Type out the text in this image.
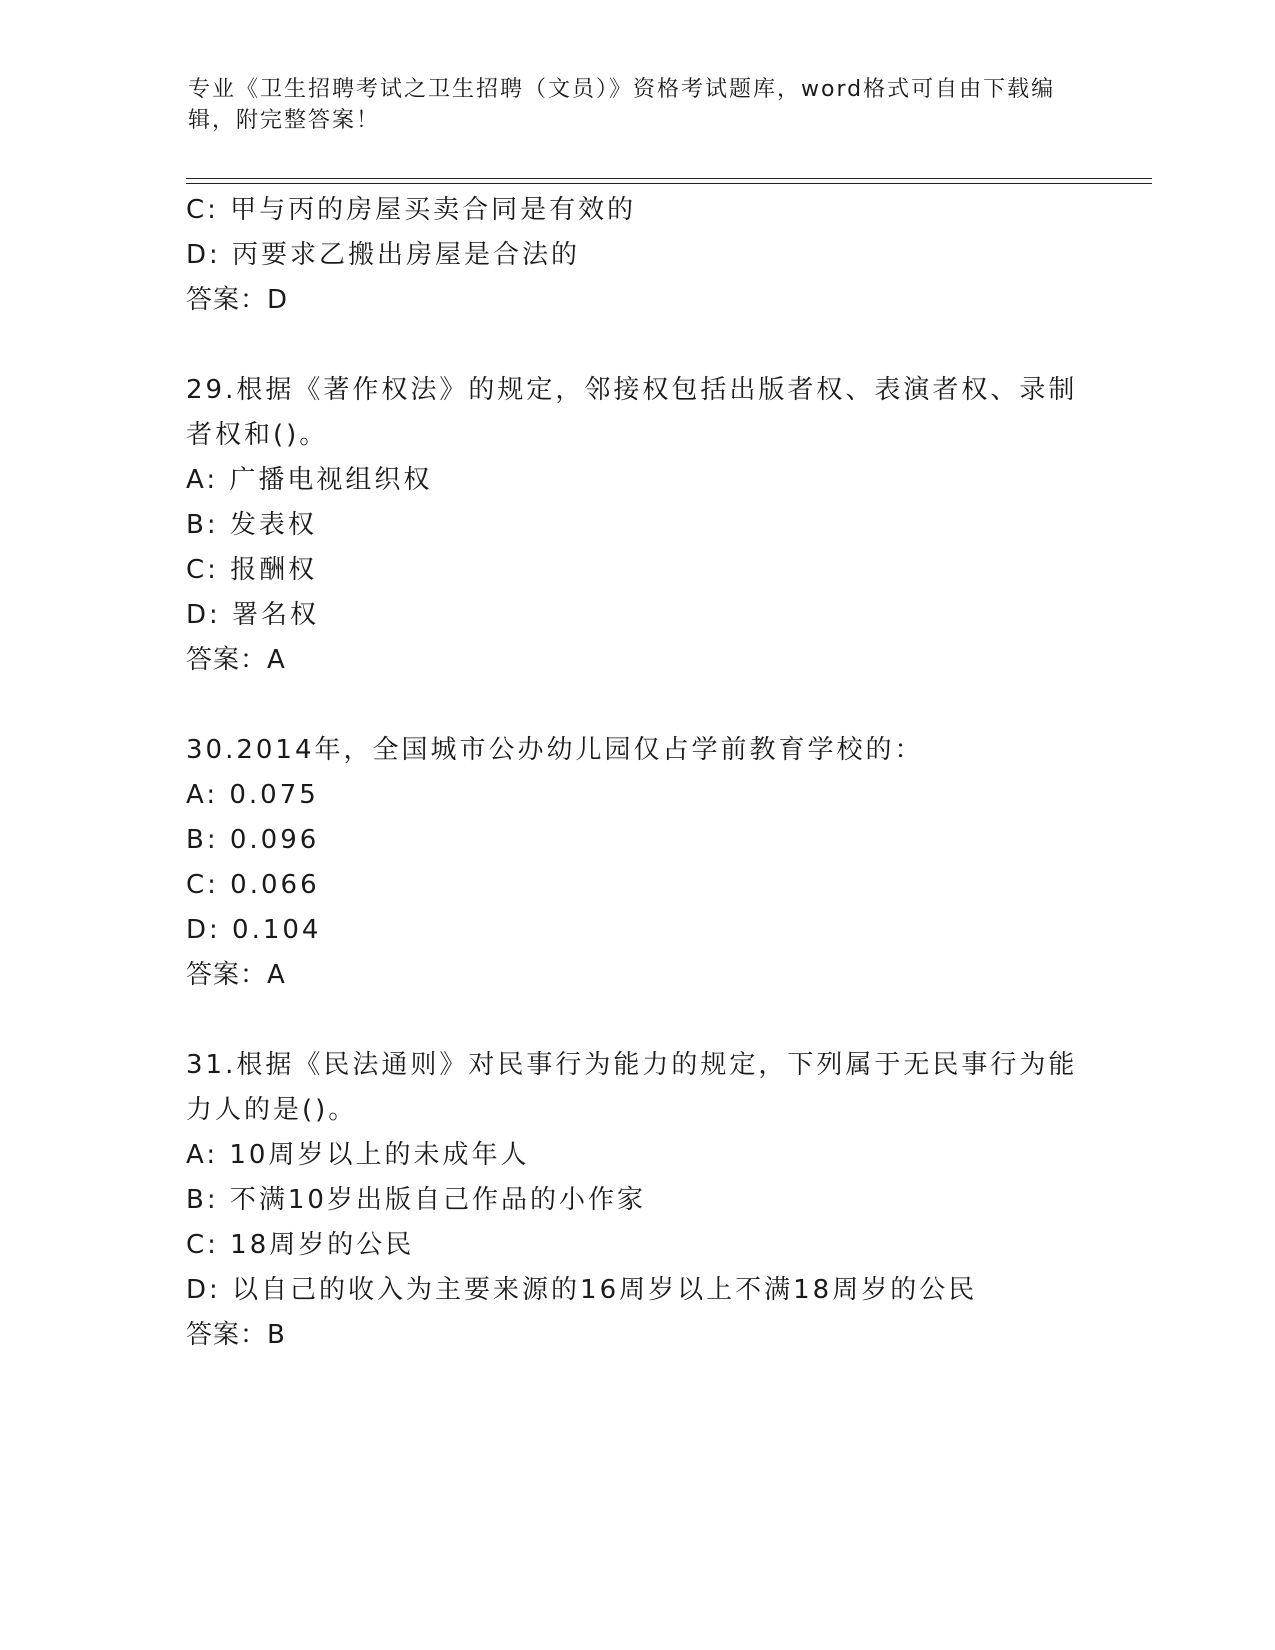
专业《卫生招聘考试之卫生招聘（文员）》资格考试题库，word格式可自由下载编辑，附完整答案！
C: 甲与丙的房屋买卖合同是有效的
D: 丙要求乙搬出房屋是合法的
答案：D
29.根据《著作权法》的规定，邻接权包括出版者权、表演者权、录制
者权和()。
A: 广播电视组织权
B: 发表权
C: 报酬权
D: 署名权
答案：A
30.2014年，全国城市公办幼儿园仅占学前教育学校的：
A: 0.075
B: 0.096
C: 0.066
D: 0.104
答案：A
31.根据《民法通则》对民事行为能力的规定，下列属于无民事行为能
力人的是()。
A: 10周岁以上的未成年人
B: 不满10岁出版自己作品的小作家
C: 18周岁的公民
D: 以自己的收入为主要来源的16周岁以上不满18周岁的公民
答案：B
